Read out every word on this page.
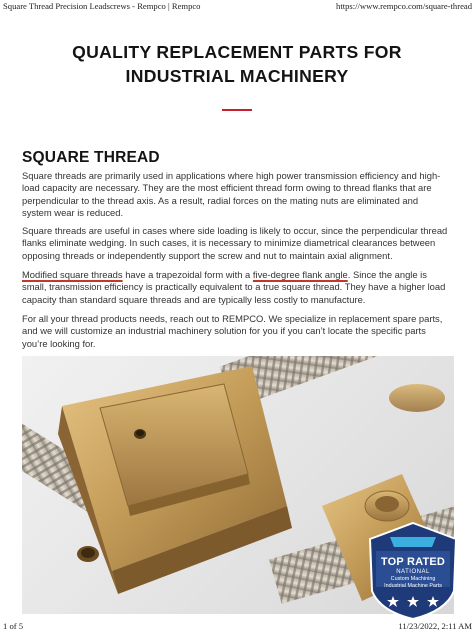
Square Thread Precision Leadscrews - Rempco | Rempco	https://www.rempco.com/square-thread
QUALITY REPLACEMENT PARTS FOR
INDUSTRIAL MACHINERY
SQUARE THREAD
Square threads are primarily used in applications where high power transmission efficiency and high-
load capacity are necessary. They are the most efficient thread form owing to thread flanks that are
perpendicular to the thread axis. As a result, radial forces on the mating nuts are eliminated and
system wear is reduced.
Square threads are useful in cases where side loading is likely to occur, since the perpendicular thread
flanks eliminate wedging. In such cases, it is necessary to minimize diametrical clearances between
opposing threads or independently support the screw and nut to maintain axial alignment.
Modified square threads have a trapezoidal form with a five-degree flank angle. Since the angle is
small, transmission efficiency is practically equivalent to a true square thread. They have a higher load
capacity than standard square threads and are typically less costly to manufacture.
For all your thread products needs, reach out to REMPCO. We specialize in replacement spare parts,
and we will customize an industrial machinery solution for you if you can’t locate the specific parts
you’re looking for.
TOP RATED
NATIONAL
Custom Machining
Industrial Machine Parts
1 of 5	11/23/2022, 2:11 AM
